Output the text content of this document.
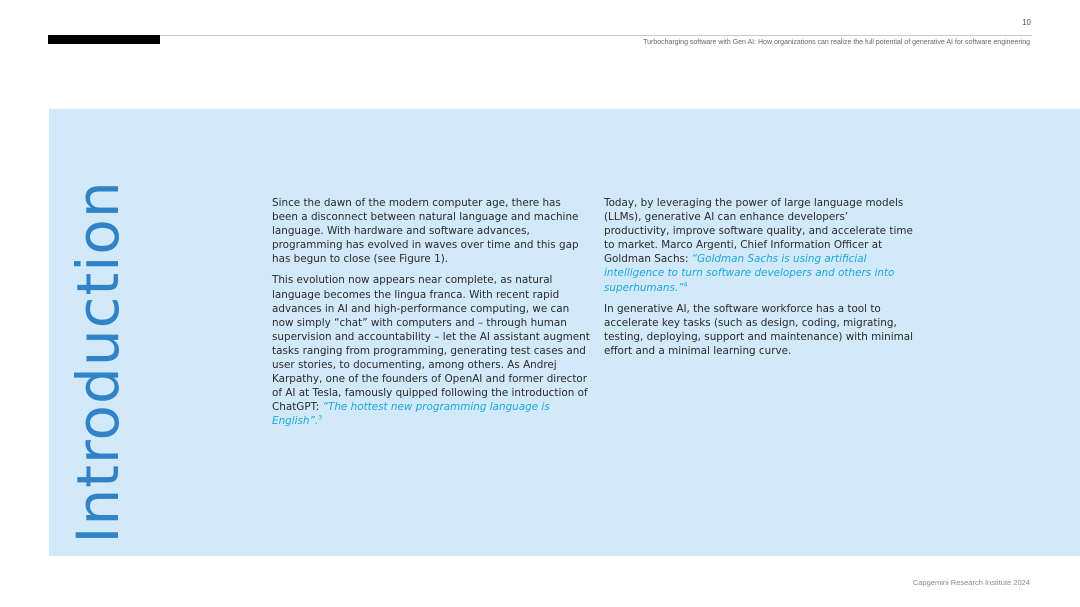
10
Turbocharging software with Gen AI: How organizations can realize the full potential of generative AI for software engineering
Introduction	Since the dawn of the modern computer age, there has been a disconnect between natural language and machine language. With hardware and software advances, programming has evolved in waves over time and this gap has begun to close (see Figure 1).

This evolution now appears near complete, as natural language becomes the lingua franca. With recent rapid advances in AI and high-performance computing, we can now simply “chat” with computers and – through human supervision and accountability – let the AI assistant augment tasks ranging from programming, generating test cases and user stories, to documenting, among others. As Andrej Karpathy, one of the founders of OpenAI and former director of AI at Tesla, famously quipped following the introduction of ChatGPT: “The hottest new programming language is English”.$^3$

Today, by leveraging the power of large language models (LLMs), generative AI can enhance developers’ productivity, improve software quality, and accelerate time to market. Marco Argenti, Chief Information Officer at Goldman Sachs: “Goldman Sachs is using artificial intelligence to turn software developers and others into superhumans.”$^4$

In generative AI, the software workforce has a tool to accelerate key tasks (such as design, coding, migrating, testing, deploying, support and maintenance) with minimal effort and a minimal learning curve.

Capgemini Research Institute 2024
